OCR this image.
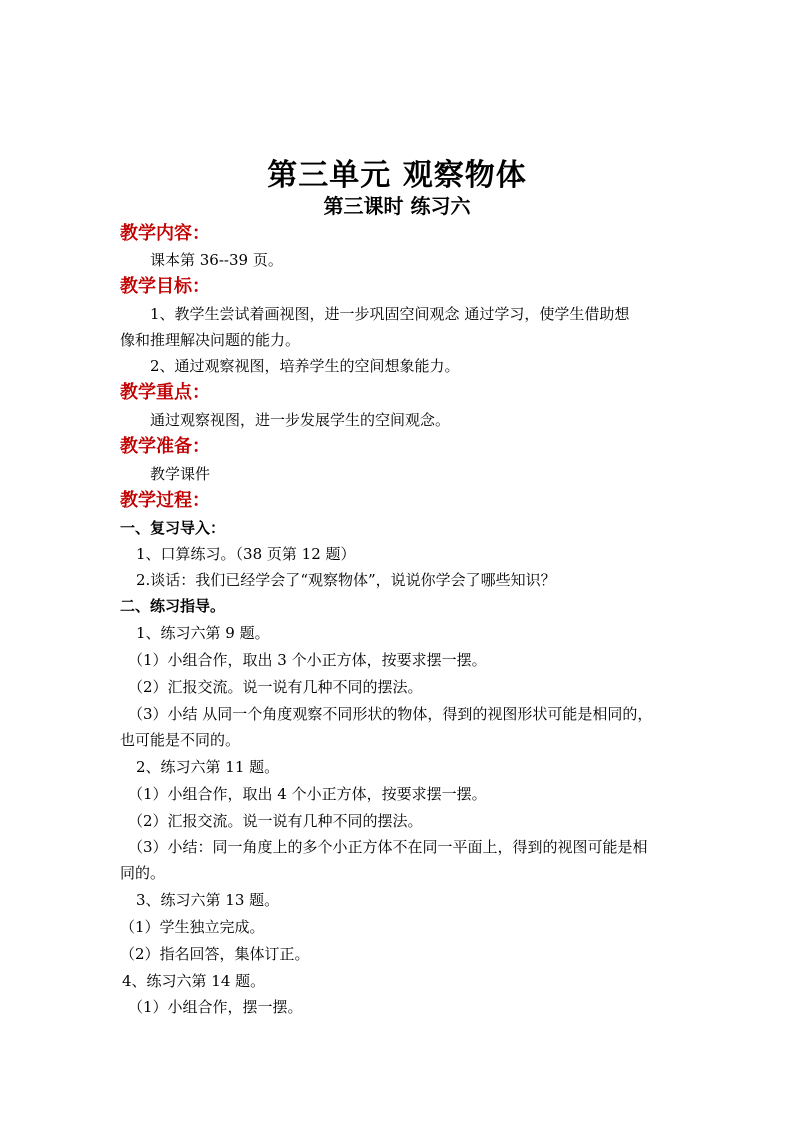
第三单元 观察物体
第三课时 练习六
教学内容：
课本第 36--39 页。
教学目标：
1、教学生尝试着画视图，进一步巩固空间观念 通过学习，使学生借助想
像和推理解决问题的能力。
2、通过观察视图，培养学生的空间想象能力。
教学重点：
通过观察视图，进一步发展学生的空间观念。
教学准备：
教学课件
教学过程：
一、复习导入：
1、口算练习。（38 页第 12 题）
2.谈话：我们已经学会了“观察物体”，说说你学会了哪些知识？
二、练习指导。
1、练习六第 9 题。
（1）小组合作，取出 3 个小正方体，按要求摆一摆。
（2）汇报交流。说一说有几种不同的摆法。
（3）小结 从同一个角度观察不同形状的物体，得到的视图形状可能是相同的，
也可能是不同的。
2、练习六第 11 题。
（1）小组合作，取出 4 个小正方体，按要求摆一摆。
（2）汇报交流。说一说有几种不同的摆法。
（3）小结：同一角度上的多个小正方体不在同一平面上，得到的视图可能是相
同的。
3、练习六第 13 题。
（1）学生独立完成。
（2）指名回答，集体订正。
4、练习六第 14 题。
（1）小组合作，摆一摆。
